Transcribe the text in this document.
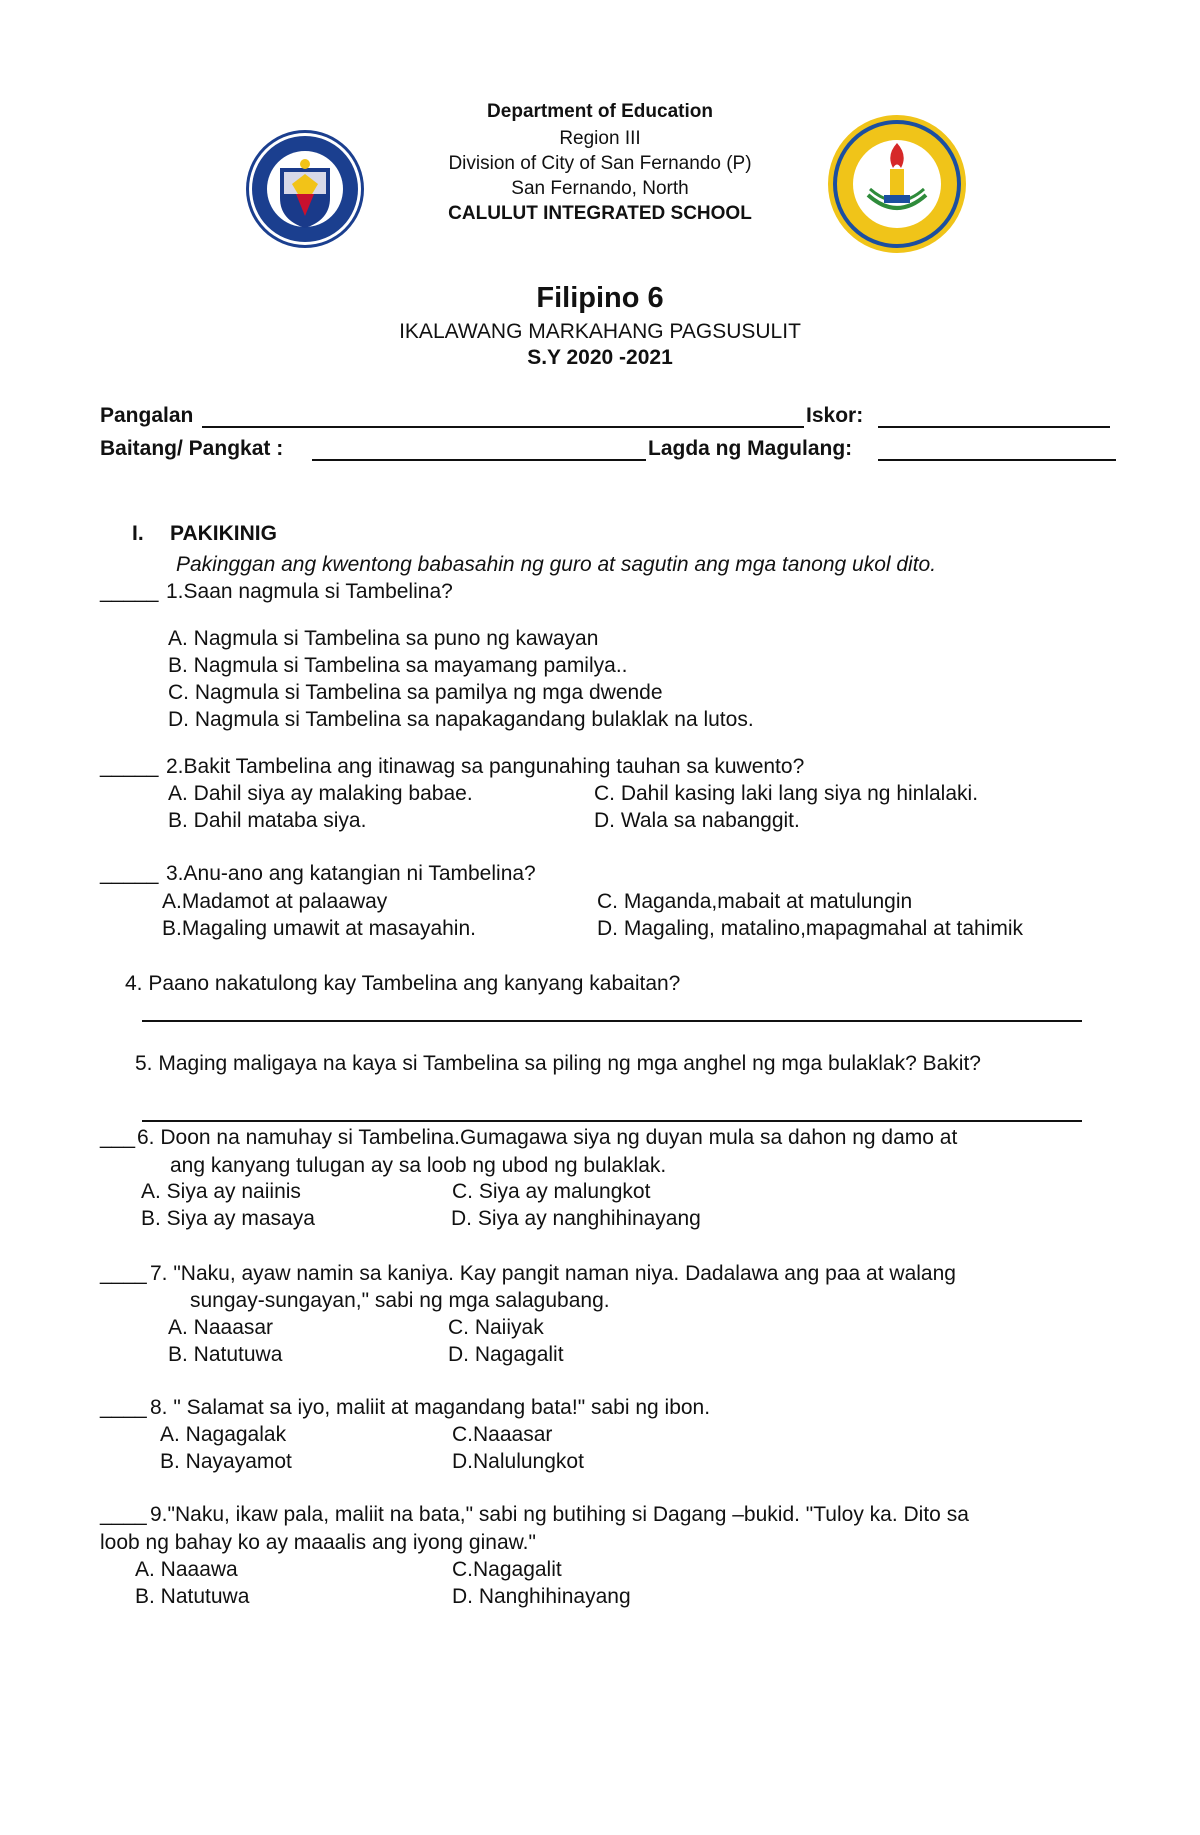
Department of Education
Region III
Division of City of San Fernando (P)
San Fernando, North
CALULUT INTEGRATED SCHOOL
Filipino 6
IKALAWANG MARKAHANG PAGSUSULIT
S.Y 2020 -2021
Pangalan	Iskor:
Baitang/ Pangkat :	Lagda ng Magulang:
I. PAKIKINIG
Pakinggan ang kwentong babasahin ng guro at sagutin ang mga tanong ukol dito.
_____ 1.Saan nagmula si Tambelina?
A. Nagmula si Tambelina sa puno ng kawayan
B. Nagmula si Tambelina sa mayamang pamilya..
C. Nagmula si Tambelina sa pamilya ng mga dwende
D. Nagmula si Tambelina sa napakagandang bulaklak na lutos.
_____ 2.Bakit Tambelina ang itinawag sa pangunahing tauhan sa kuwento?
A. Dahil siya ay malaking babae.	C. Dahil kasing laki lang siya ng hinlalaki.
B. Dahil mataba siya.	D. Wala sa nabanggit.
_____ 3.Anu-ano ang katangian ni Tambelina?
A.Madamot at palaaway	C. Maganda,mabait at matulungin
B.Magaling umawit at masayahin.	D. Magaling, matalino,mapagmahal at tahimik
4. Paano nakatulong kay Tambelina ang kanyang kabaitan?
5. Maging maligaya na kaya si Tambelina sa piling ng mga anghel ng mga bulaklak? Bakit?
___ 6. Doon na namuhay si Tambelina.Gumagawa siya ng duyan mula sa dahon ng damo at
ang kanyang tulugan ay sa loob ng ubod ng bulaklak.
A. Siya ay naiinis	C. Siya ay malungkot
B. Siya ay masaya	D. Siya ay nanghihinayang
____ 7. "Naku, ayaw namin sa kaniya. Kay pangit naman niya. Dadalawa ang paa at walang
sungay-sungayan," sabi ng mga salagubang.
A. Naaasar	C. Naiiyak
B. Natutuwa	D. Nagagalit
____ 8. " Salamat sa iyo, maliit at magandang bata!" sabi ng ibon.
A. Nagagalak	C.Naaasar
B. Nayayamot	D.Nalulungkot
____ 9."Naku, ikaw pala, maliit na bata," sabi ng butihing si Dagang –bukid. "Tuloy ka. Dito sa
loob ng bahay ko ay maaalis ang iyong ginaw."
A. Naaawa	C.Nagagalit
B. Natutuwa	D. Nanghihinayang
